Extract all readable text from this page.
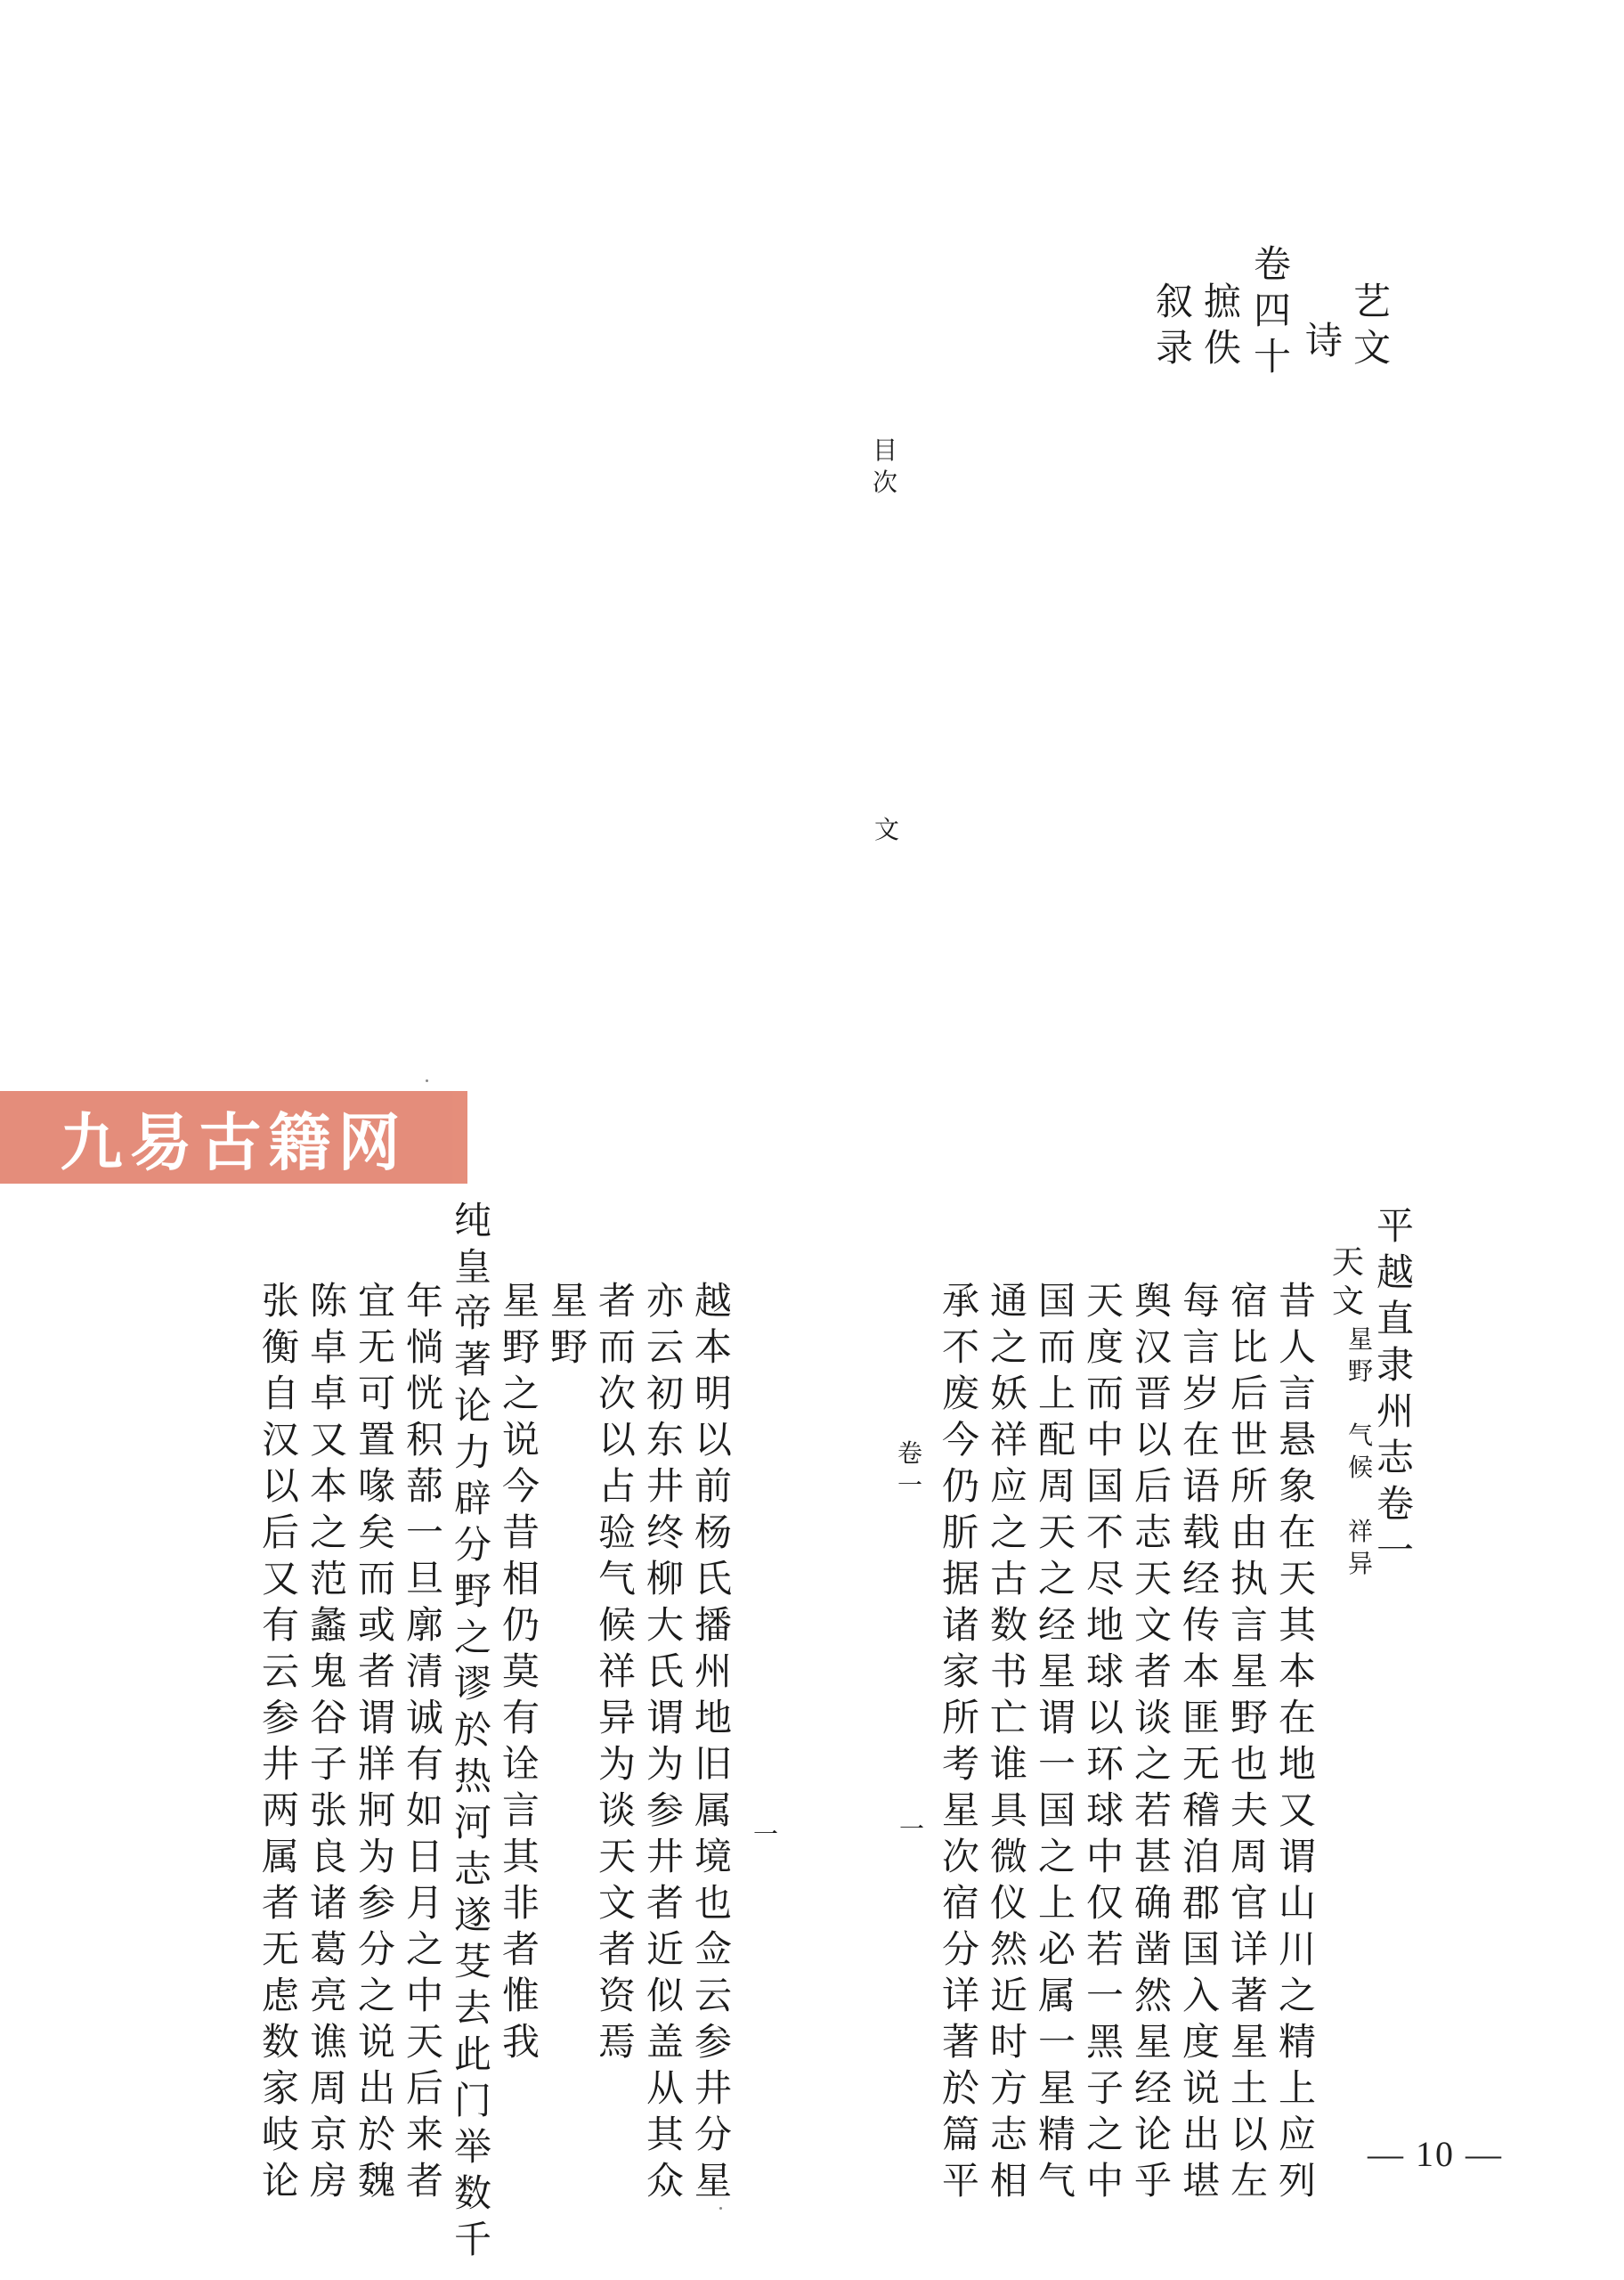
卷
四
十
艺
文
诗
摭
佚
叙
录
目
次
文
九易古籍网
平
越
直
隶
州
志
卷
一
天
文
星
野

气
候

祥
异
昔
人
言
悬
象
在
天
其
本
在
地
又
谓
山
川
之
精
上
应
列
宿
比
后
世
所
由
执
言
星
野
也
夫
周
官
详
著
星
土
以
左
每
言
岁
在
语
载
经
传
本
匪
无
稽
洎
郡
国
入
度
说
出
堪
舆
汉
晋
以
后
志
天
文
者
谈
之
若
甚
确
凿
然
星
经
论
乎
天
度
而
中
国
不
尽
地
球
以
环
球
中
仅
若
一
黑
子
之
中
国
而
上
配
周
天
之
经
星
谓
一
国
之
上
必
属
一
星
精
气
通
之
妖
祥
应
之
古
数
书
亡
谁
具
微
仪
然
近
时
方
志
相
承
不
废
今
仍
肵
据
诸
家
所
考
星
次
宿
分
详
著
於
篇
平
卷
一
一
越
本
明
以
前
杨
氏
播
州
地
旧
属
境
也
佥
云
参
井
分
星
亦
云
初
东
井
终
柳
大
氏
谓
为
参
井
者
近
似
盖
从
其
众
者
而
次
以
占
验
气
候
祥
异
为
谈
天
文
者
资
焉
星
野
星
野
之
说
今
昔
相
仍
莫
有
诠
言
其
非
者
惟
我
纯
皇
帝
著
论
力
辟
分
野
之
谬
於
热
河
志
遂
芟
去
此
门
举
数
千
年
惝
恍
积
蔀
一
旦
廓
清
诚
有
如
日
月
之
中
天
后
来
者
宜
无
可
置
喙
矣
而
或
者
谓
牂
牁
为
参
分
之
说
出
於
魏
陈
卓
卓
又
本
之
范
蠡
鬼
谷
子
张
良
诸
葛
亮
谯
周
京
房
张
衡
自
汉
以
后
又
有
云
参
井
两
属
者
无
虑
数
家
岐
论
一
— 10 —
